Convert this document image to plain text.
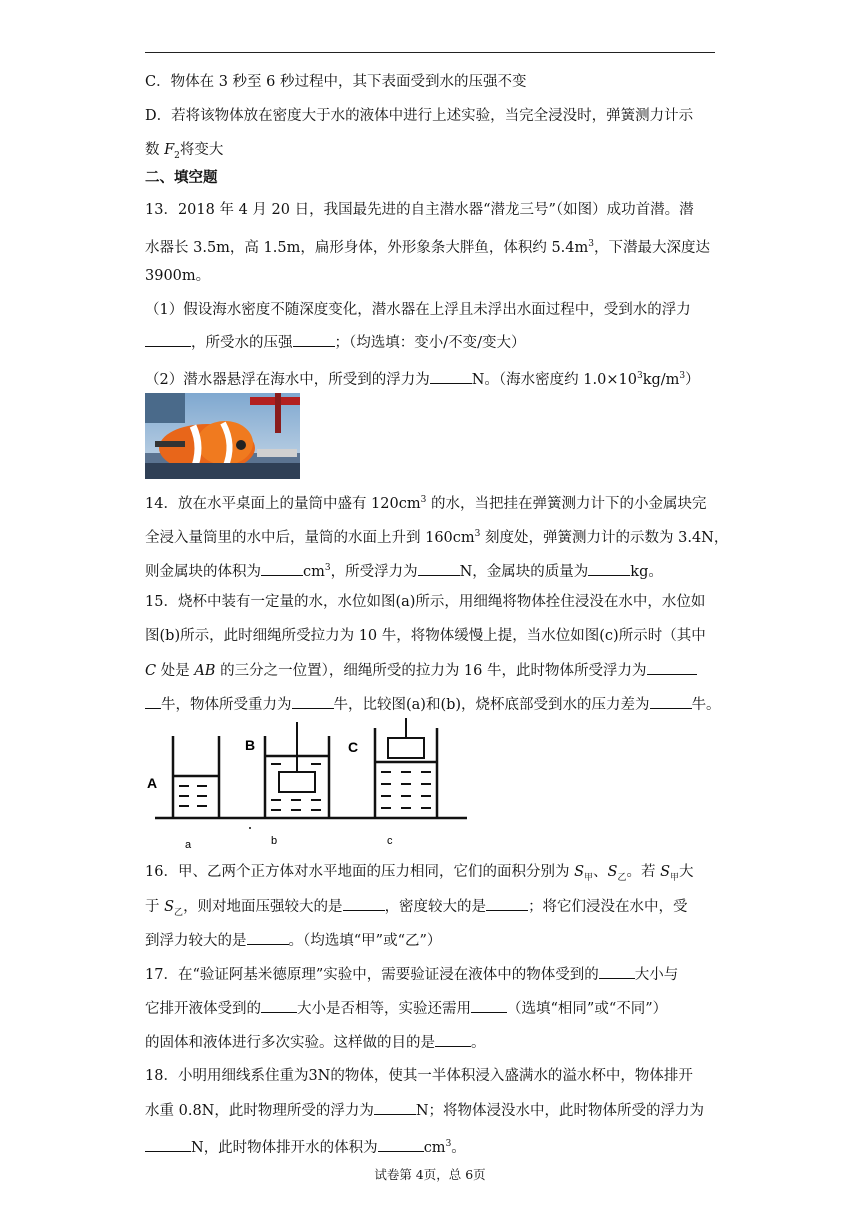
C．物体在 3 秒至 6 秒过程中，其下表面受到水的压强不变
D．若将该物体放在密度大于水的液体中进行上述实验，当完全浸没时，弹簧测力计示
数 $F_2$将变大
二、填空题
13．2018 年 4 月 20 日，我国最先进的自主潜水器“潜龙三号”（如图）成功首潜。潜
水器长 3.5m，高 1.5m，扁形身体，外形象条大胖鱼，体积约 $5.4m^3$，下潜最大深度达
3900m。
（1）假设海水密度不随深度变化，潜水器在上浮且未浮出水面过程中，受到水的浮力
，所受水的压强	；（均选填：变小/不变/变大）
（2）潜水器悬浮在海水中，所受到的浮力为	N。（海水密度约 $1.0\times 10^3kg/m^3$）
14．放在水平桌面上的量筒中盛有 $120cm^3$ 的水，当把挂在弹簧测力计下的小金属块完
全浸入量筒里的水中后，量筒的水面上升到 $160cm^3$ 刻度处，弹簧测力计的示数为 3.4N，
则金属块的体积为	$cm^3$，所受浮力为	N，金属块的质量为	kg。
15．烧杯中装有一定量的水，水位如图(a)所示，用细绳将物体拴住浸没在水中，水位如
图(b)所示，此时细绳所受拉力为 10 牛，将物体缓慢上提，当水位如图(c)所示时（其中
C 处是 AB 的三分之一位置），细绳所受的拉力为 16 牛，此时物体所受浮力为
牛，物体所受重力为	牛，比较图(a)和(b)，烧杯底部受到水的压力差为	牛。
A
B	C
a	b	c
16．甲、乙两个正方体对水平地面的压力相同，它们的面积分别为 $S_甲$、$S_乙$。若 $S_甲$大
于 $S_乙$，则对地面压强较大的是	，密度较大的是	；将它们浸没在水中，受
到浮力较大的是	。（均选填“甲”或“乙”）
17．在“验证阿基米德原理”实验中，需要验证浸在液体中的物体受到的 大小与
它排开液体受到的 大小是否相等，实验还需用 （选填“相同”或“不同”）
的固体和液体进行多次实验。这样做的目的是 。
18．小明用细线系住重为3N的物体，使其一半体积浸入盛满水的溢水杯中，物体排开
水重 0.8N，此时物理所受的浮力为	N；将物体浸没水中，此时物体所受的浮力为
N，此时物体排开水的体积为	$cm^3$。
试卷第 4页，总 6页
